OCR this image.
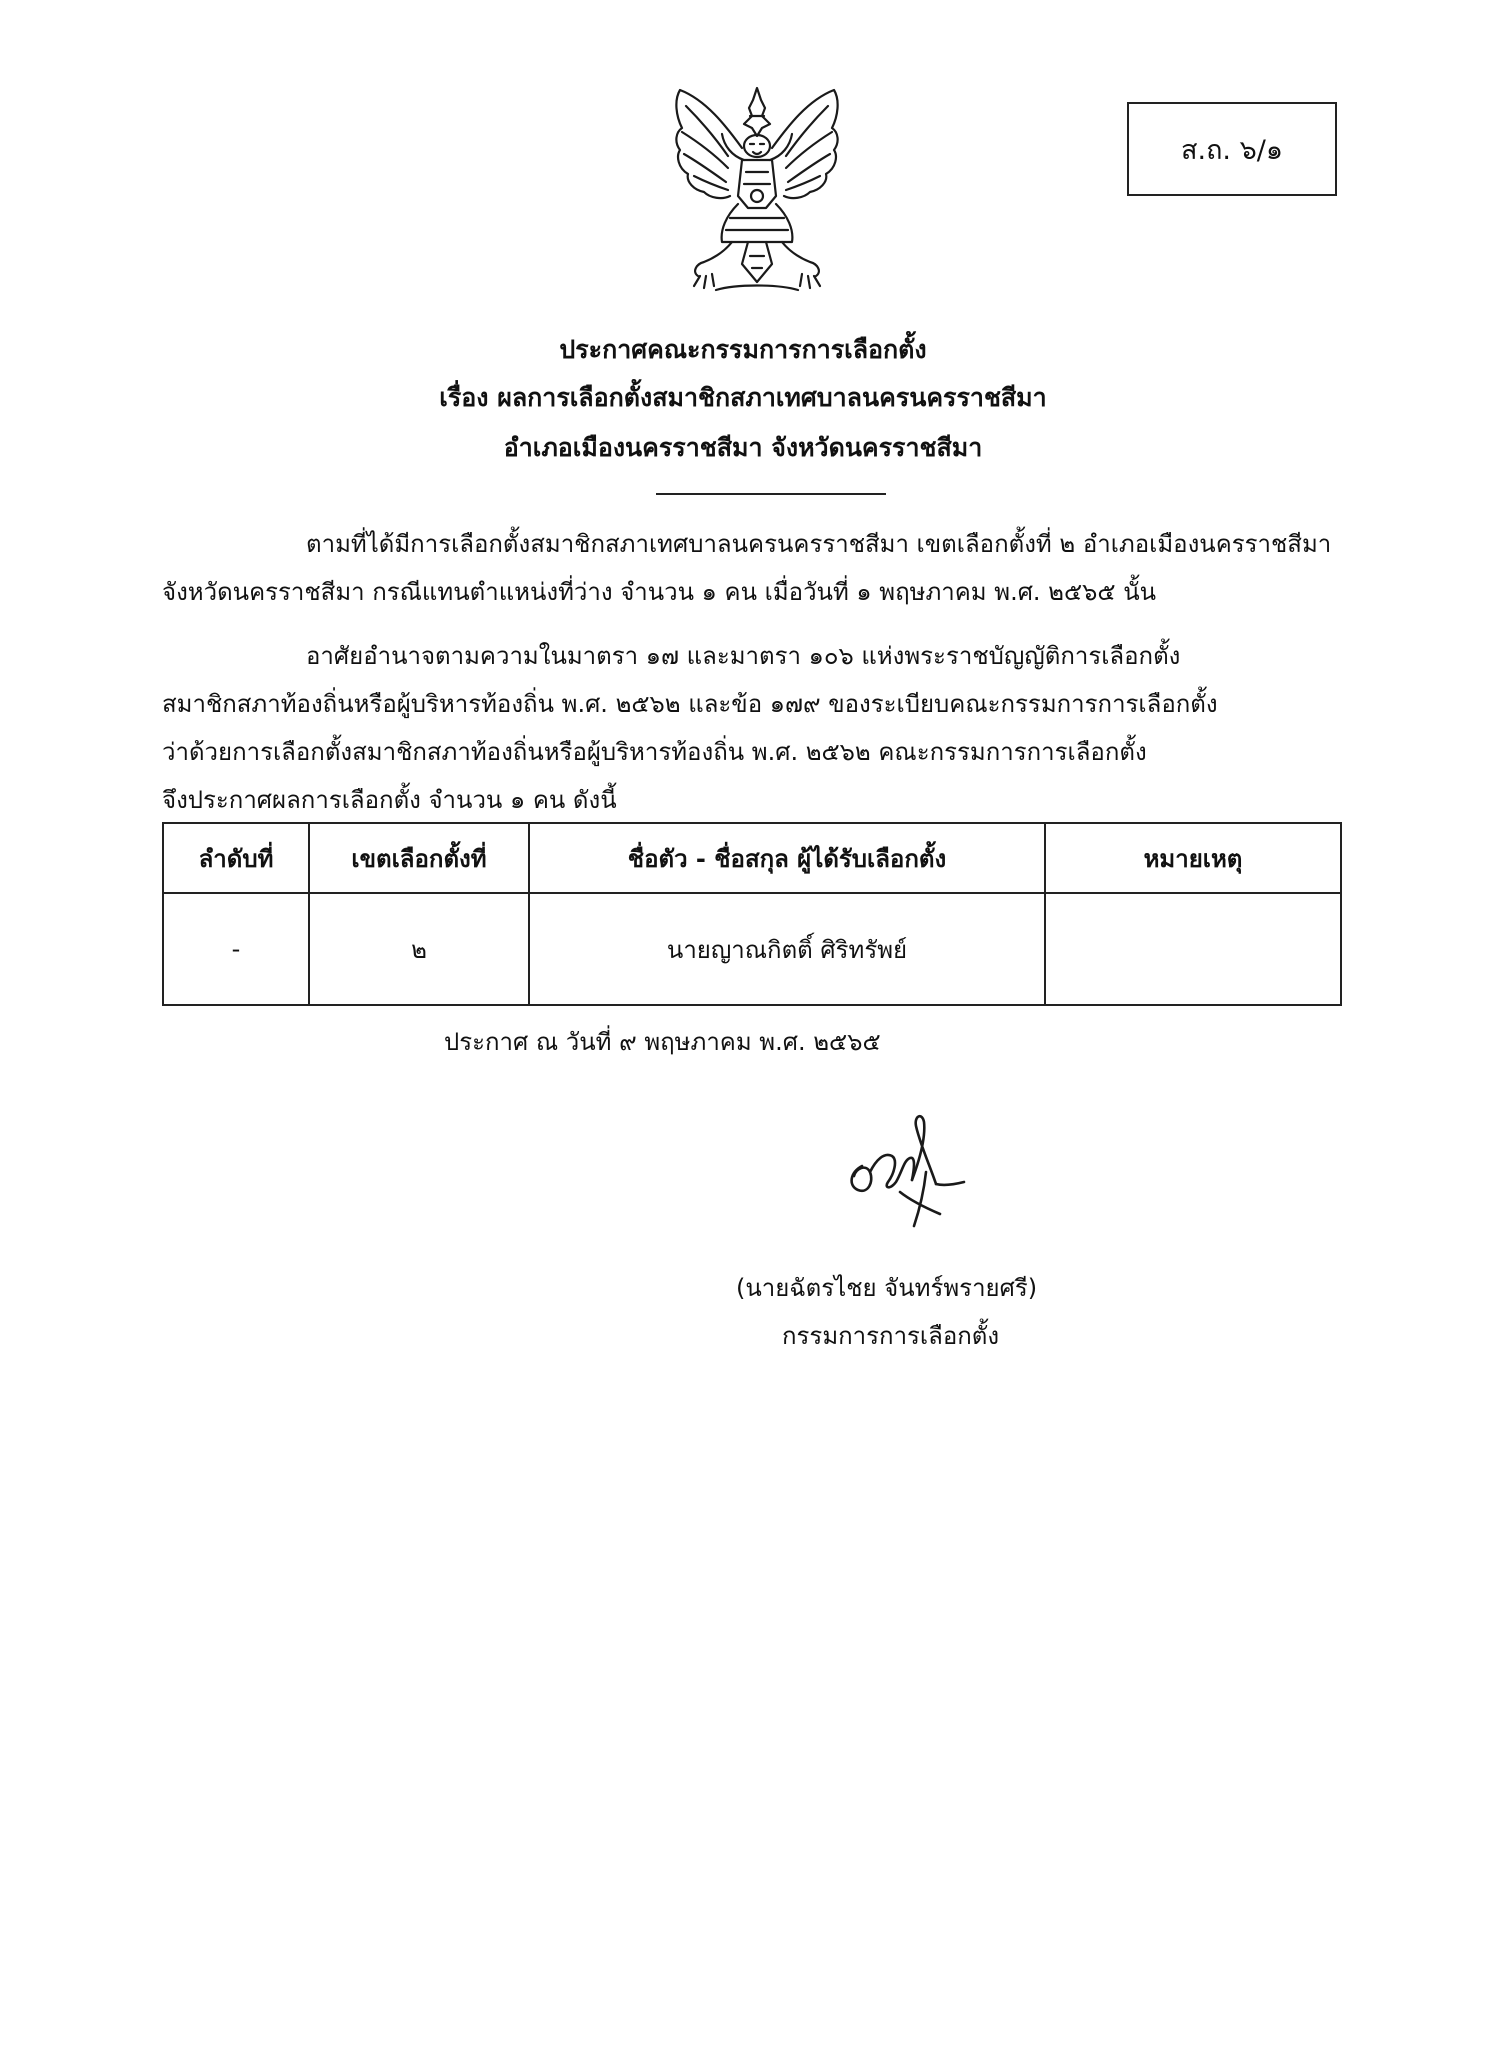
ส.ถ. ๖/๑
ประกาศคณะกรรมการการเลือกตั้ง
เรื่อง ผลการเลือกตั้งสมาชิกสภาเทศบาลนครนครราชสีมา
อำเภอเมืองนครราชสีมา จังหวัดนครราชสีมา
ตามที่ได้มีการเลือกตั้งสมาชิกสภาเทศบาลนครนครราชสีมา เขตเลือกตั้งที่ ๒ อำเภอเมืองนครราชสีมา
จังหวัดนครราชสีมา กรณีแทนตำแหน่งที่ว่าง จำนวน ๑ คน เมื่อวันที่ ๑ พฤษภาคม พ.ศ. ๒๕๖๕ นั้น
อาศัยอำนาจตามความในมาตรา ๑๗ และมาตรา ๑๐๖ แห่งพระราชบัญญัติการเลือกตั้ง
สมาชิกสภาท้องถิ่นหรือผู้บริหารท้องถิ่น พ.ศ. ๒๕๖๒ และข้อ ๑๗๙ ของระเบียบคณะกรรมการการเลือกตั้ง
ว่าด้วยการเลือกตั้งสมาชิกสภาท้องถิ่นหรือผู้บริหารท้องถิ่น พ.ศ. ๒๕๖๒ คณะกรรมการการเลือกตั้ง
จึงประกาศผลการเลือกตั้ง จำนวน ๑ คน ดังนี้
ลำดับที่	เขตเลือกตั้งที่	ชื่อตัว - ชื่อสกุล ผู้ได้รับเลือกตั้ง	หมายเหตุ
-	๒	นายญาณกิตติ์ ศิริทรัพย์	
ประกาศ ณ วันที่ ๙ พฤษภาคม พ.ศ. ๒๕๖๕
(นายฉัตรไชย จันทร์พรายศรี)
กรรมการการเลือกตั้ง
